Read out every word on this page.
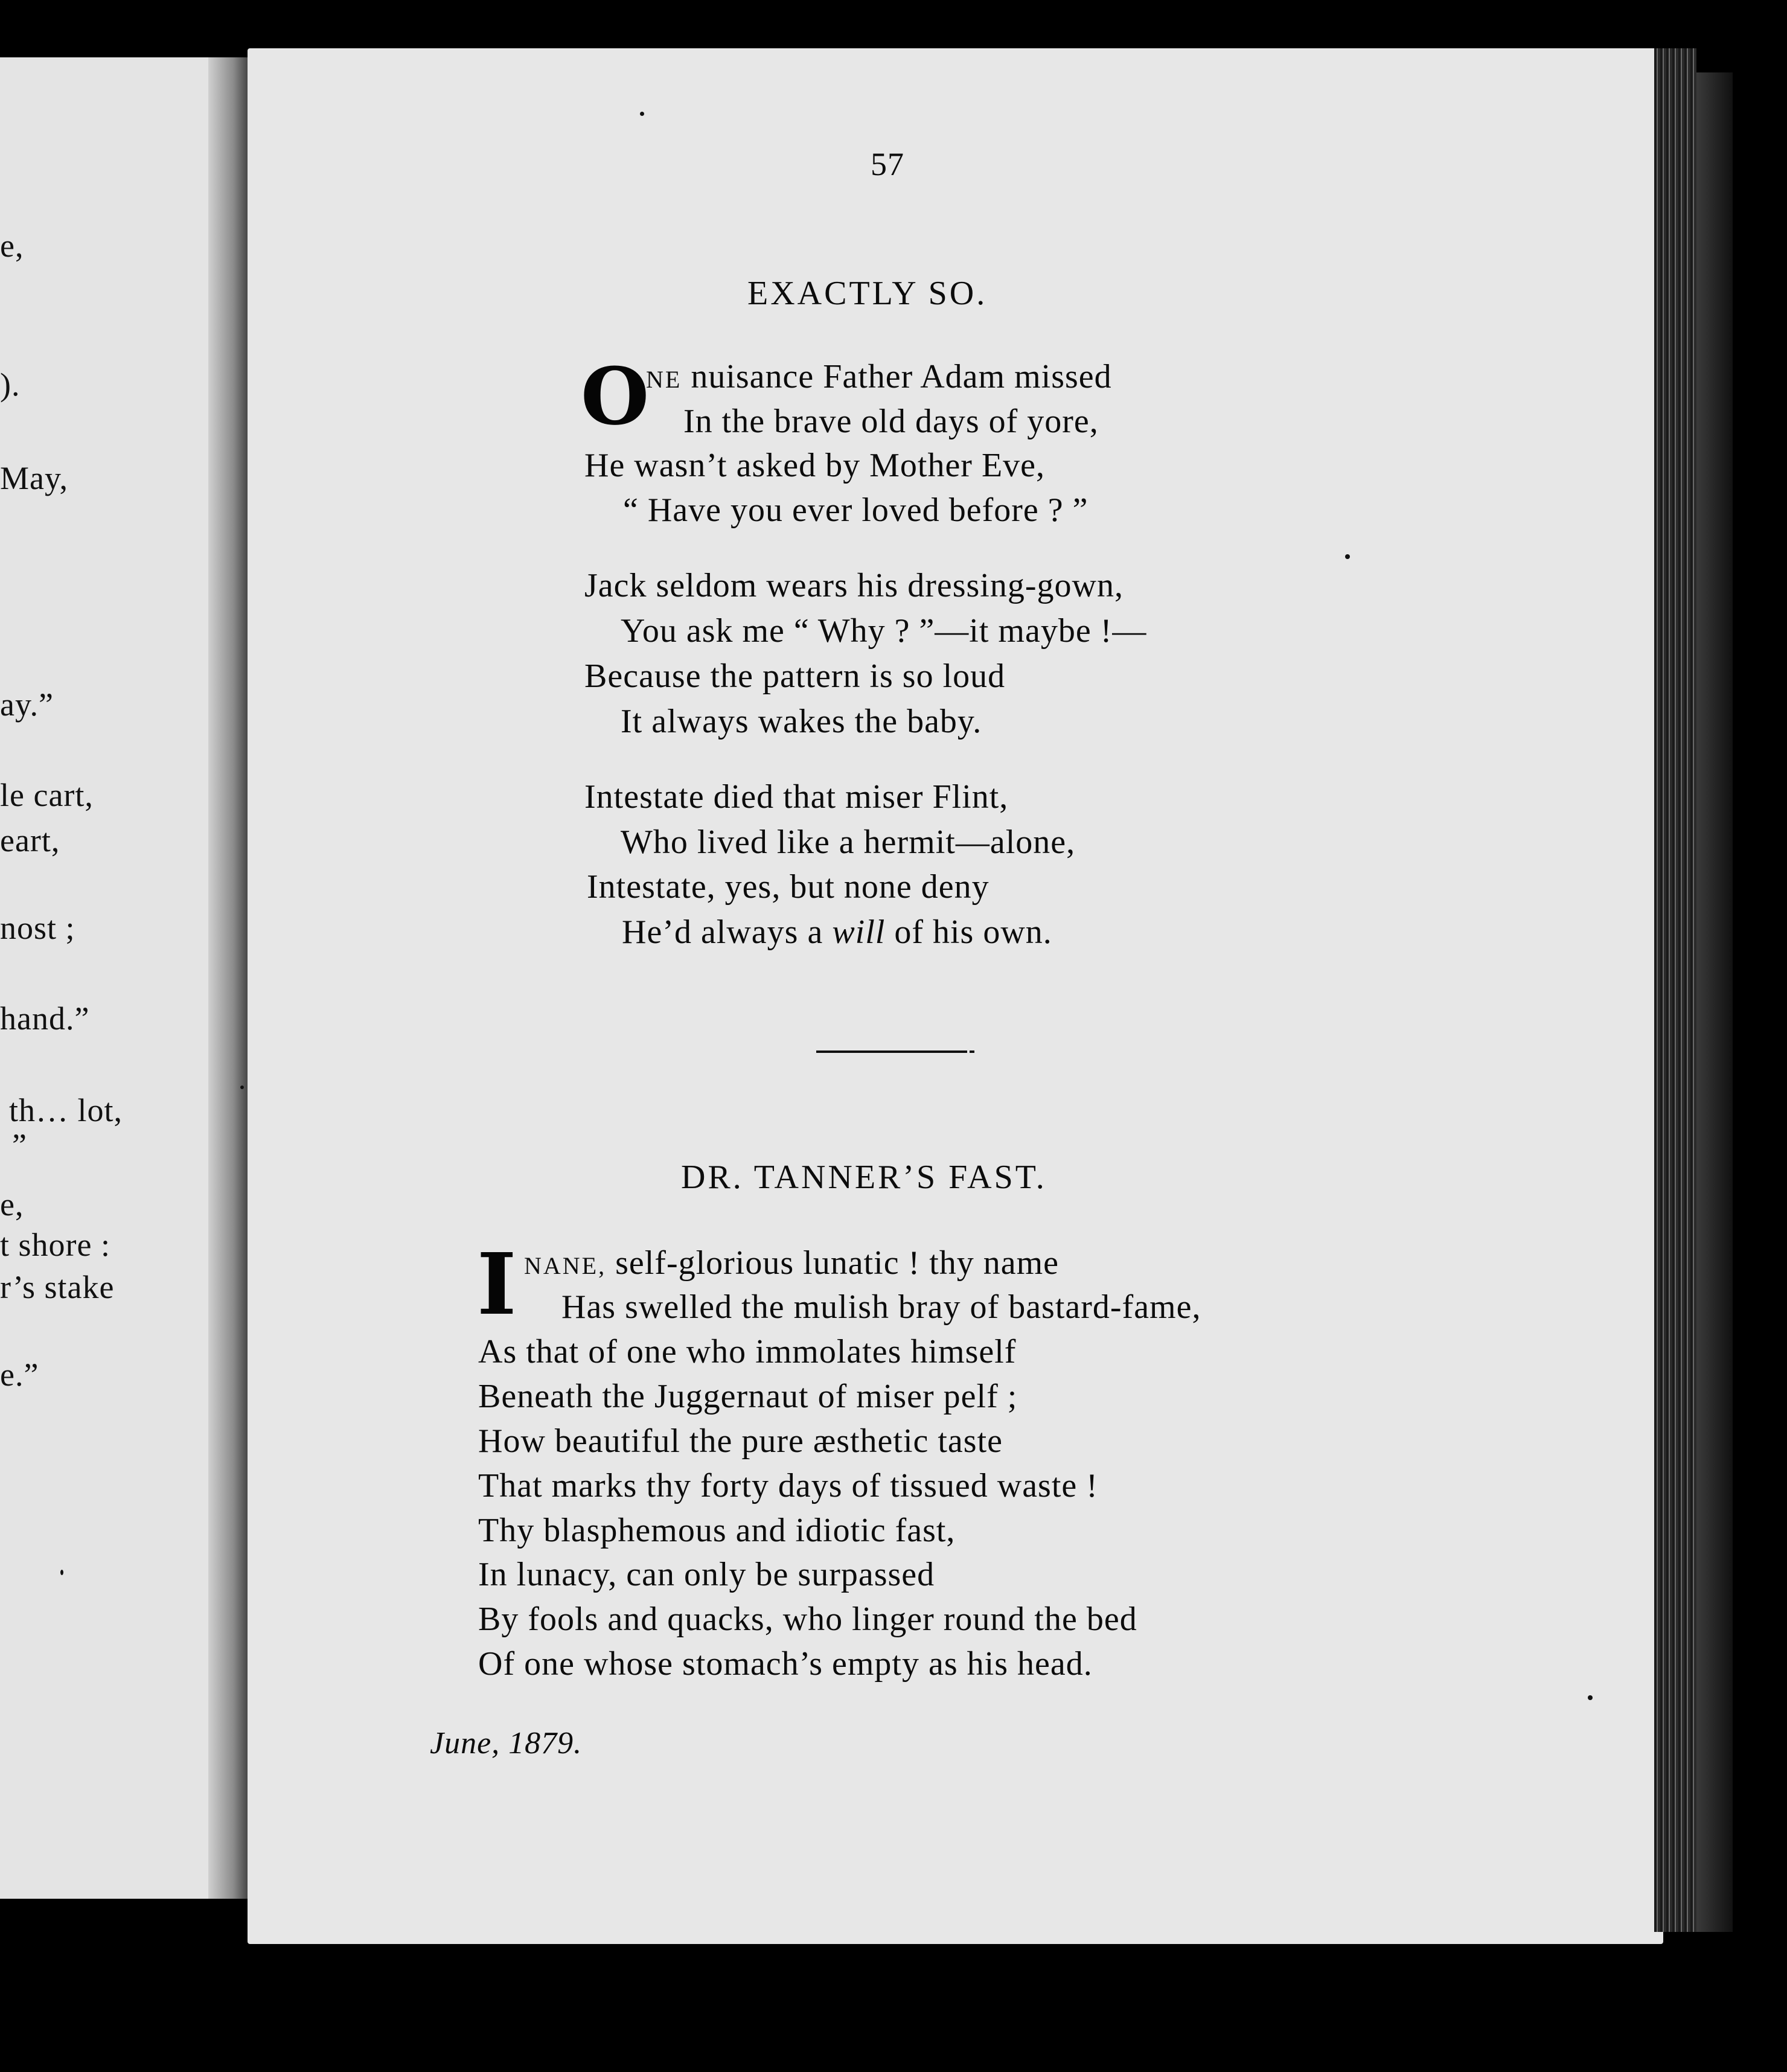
e,
).
May,
ay.”
le cart,
eart,
nost ;
hand.”
th… lot,
”
e,
t shore :
r’s stake
e.”
57
EXACTLY SO.
O
NE nuisance Father Adam missed
In the brave old days of yore,
He wasn’t asked by Mother Eve,
“ Have you ever loved before ? ”
Jack seldom wears his dressing-gown,
You ask me “ Why ? ”—it maybe !—
Because the pattern is so loud
It always wakes the baby.
Intestate died that miser Flint,
Who lived like a hermit—alone,
Intestate, yes, but none deny
He’d always a will of his own.
DR. TANNER’S FAST.
I NANE, self-glorious lunatic ! thy name
Has swelled the mulish bray of bastard-fame,
As that of one who immolates himself
Beneath the Juggernaut of miser pelf ;
How beautiful the pure æsthetic taste
That marks thy forty days of tissued waste !
Thy blasphemous and idiotic fast,
In lunacy, can only be surpassed
By fools and quacks, who linger round the bed
Of one whose stomach’s empty as his head.
June, 1879.
